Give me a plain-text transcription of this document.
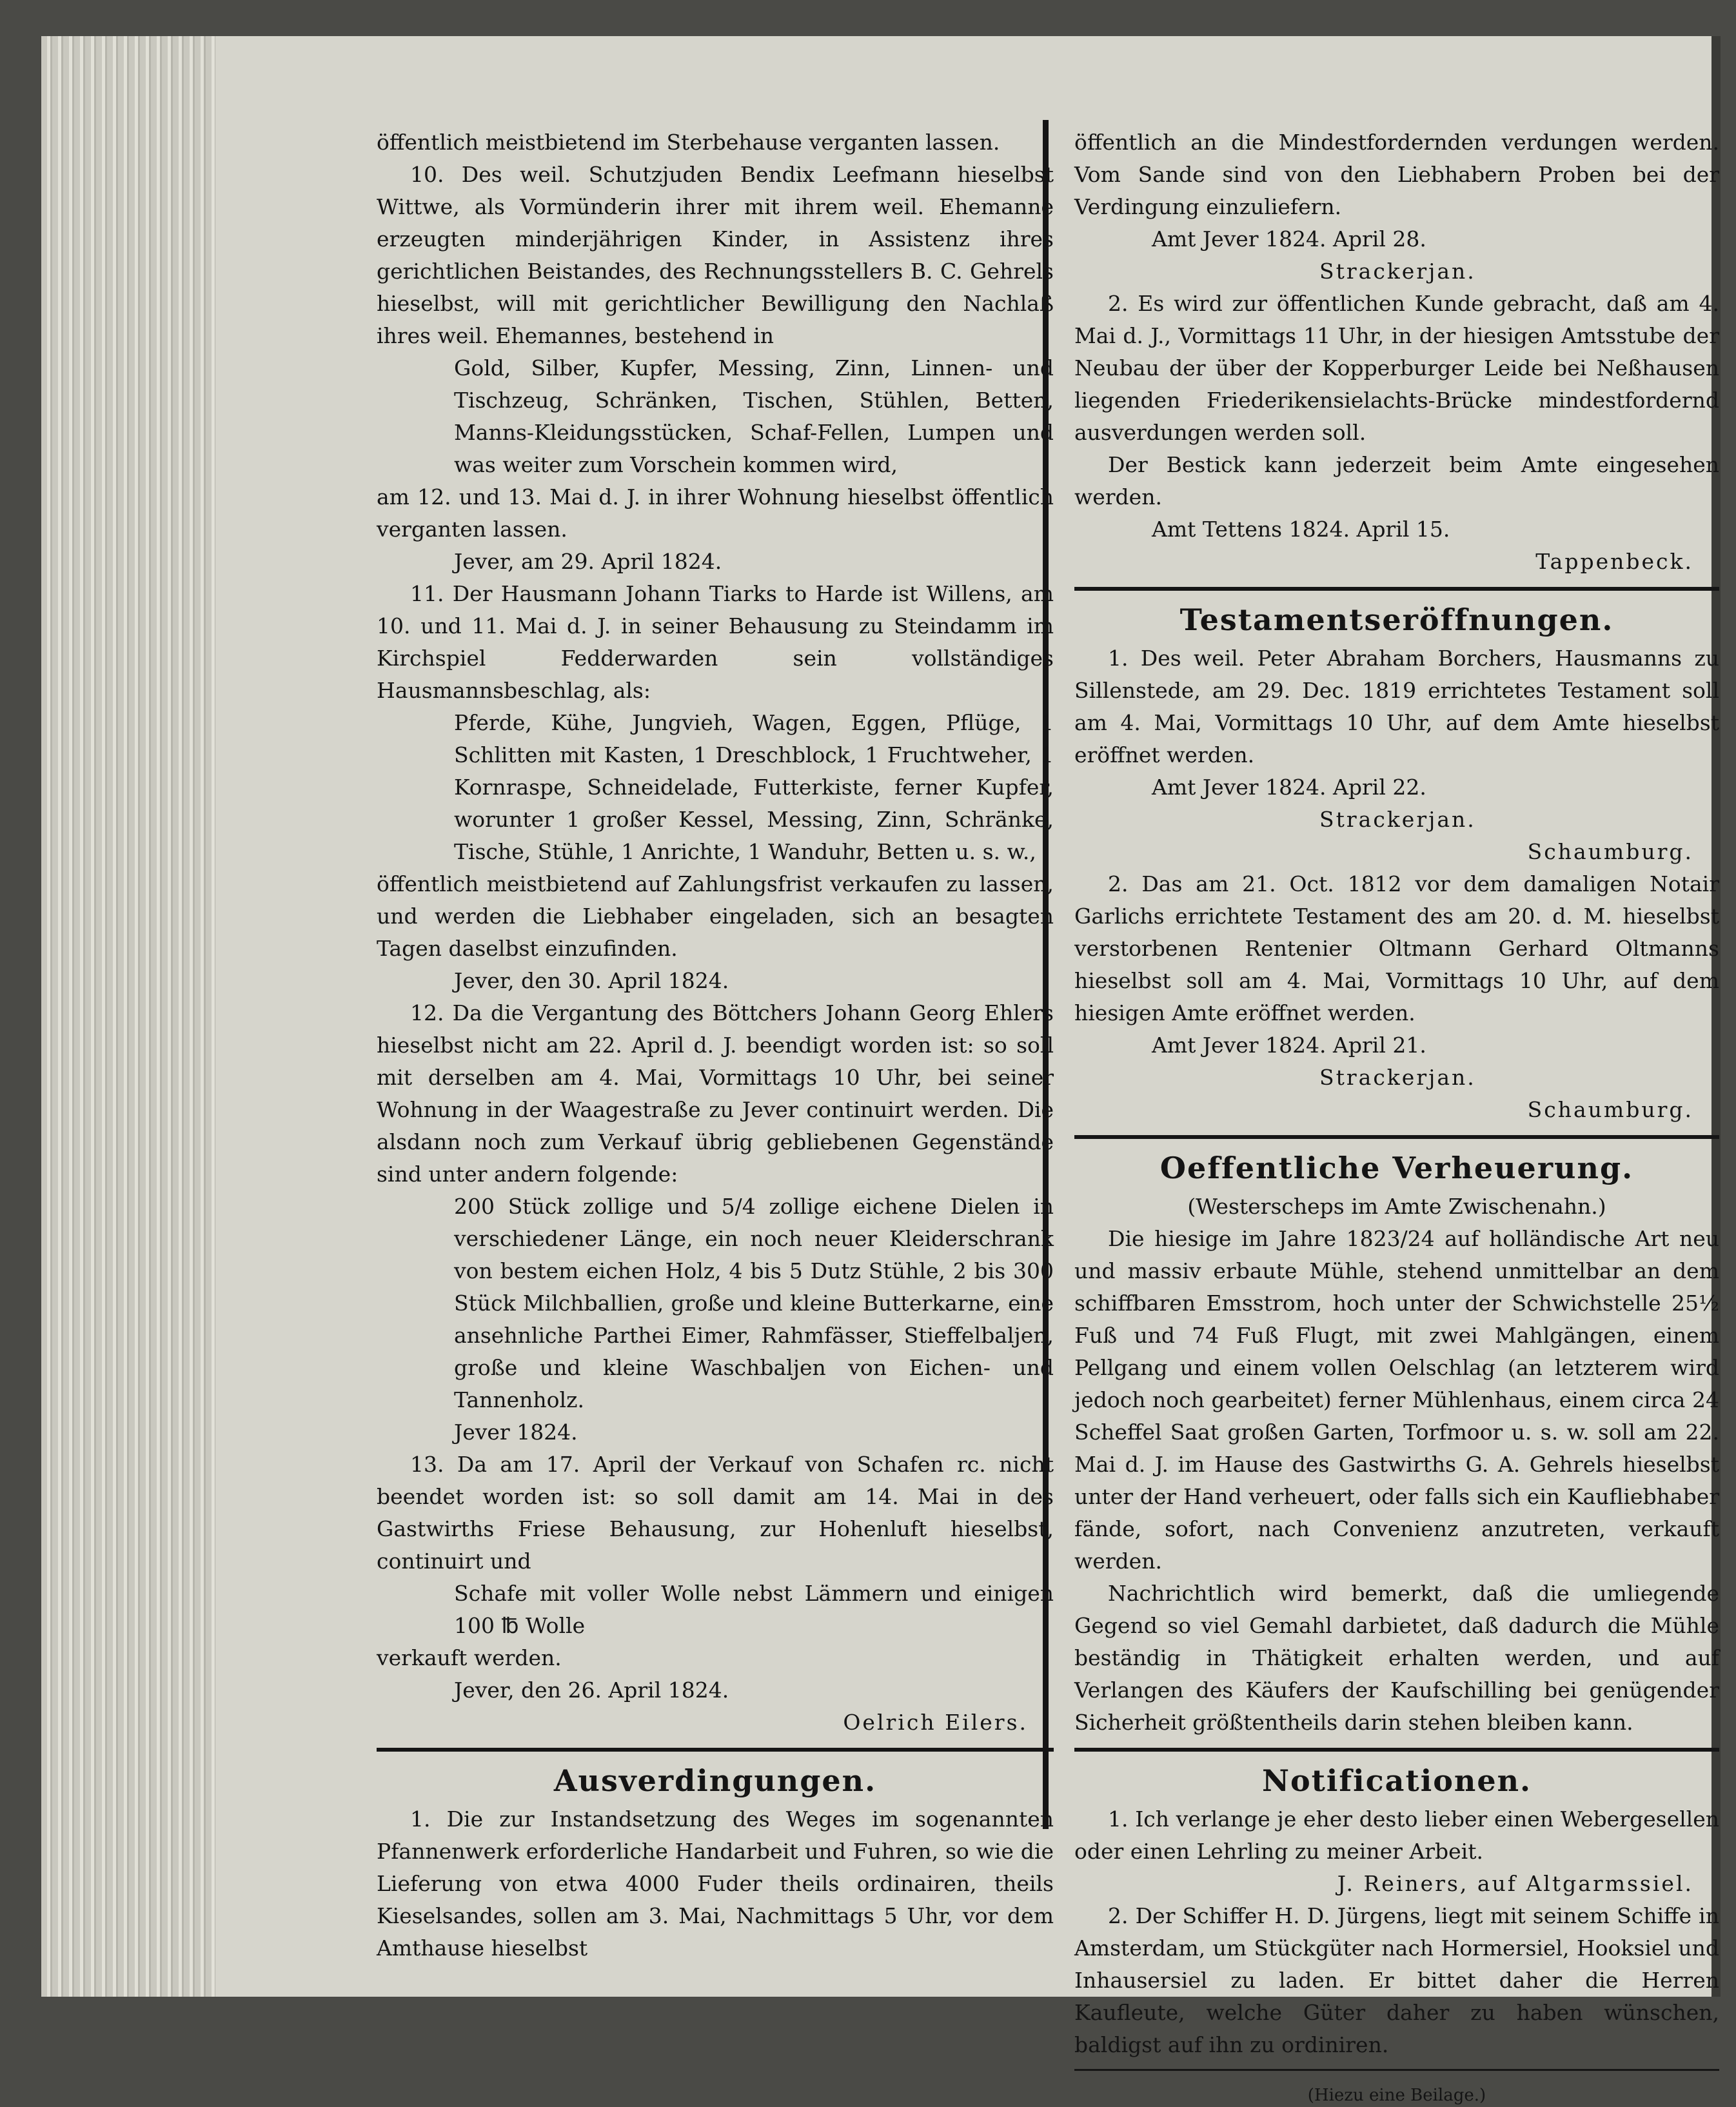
öffentlich meistbietend im Sterbehause verganten lassen.

10. Des weil. Schutzjuden Bendix Leefmann hieselbst Wittwe, als Vormünderin ihrer mit ihrem weil. Ehemanne erzeugten minderjährigen Kinder, in Assistenz ihres gerichtlichen Beistandes, des Rechnungsstellers B. C. Gehrels hieselbst, will mit gerichtlicher Bewilligung den Nachlaß ihres weil. Ehemannes, bestehend in

Gold, Silber, Kupfer, Messing, Zinn, Linnen- und Tischzeug, Schränken, Tischen, Stühlen, Betten, Manns-Kleidungsstücken, Schaf-Fellen, Lumpen und was weiter zum Vorschein kommen wird,

am 12. und 13. Mai d. J. in ihrer Wohnung hieselbst öffentlich verganten lassen.

Jever, am 29. April 1824.

11. Der Hausmann Johann Tiarks to Harde ist Willens, am 10. und 11. Mai d. J. in seiner Behausung zu Steindamm im Kirchspiel Fedderwarden sein vollständiges Hausmannsbeschlag, als:

Pferde, Kühe, Jungvieh, Wagen, Eggen, Pflüge, 1 Schlitten mit Kasten, 1 Dreschblock, 1 Fruchtweher, 1 Kornraspe, Schneidelade, Futterkiste, ferner Kupfer, worunter 1 großer Kessel, Messing, Zinn, Schränke, Tische, Stühle, 1 Anrichte, 1 Wanduhr, Betten u. s. w.,

öffentlich meistbietend auf Zahlungsfrist verkaufen zu lassen, und werden die Liebhaber eingeladen, sich an besagten Tagen daselbst einzufinden.

Jever, den 30. April 1824.

12. Da die Vergantung des Böttchers Johann Georg Ehlers hieselbst nicht am 22. April d. J. beendigt worden ist: so soll mit derselben am 4. Mai, Vormittags 10 Uhr, bei seiner Wohnung in der Waagestraße zu Jever continuirt werden. Die alsdann noch zum Verkauf übrig gebliebenen Gegenstände sind unter andern folgende:

200 Stück zollige und 5/4 zollige eichene Dielen in verschiedener Länge, ein noch neuer Kleiderschrank von bestem eichen Holz, 4 bis 5 Dutz Stühle, 2 bis 300 Stück Milchballien, große und kleine Butterkarne, eine ansehnliche Parthei Eimer, Rahmfässer, Stieffelbaljen, große und kleine Waschbaljen von Eichen- und Tannenholz.

Jever 1824.

13. Da am 17. April der Verkauf von Schafen rc. nicht beendet worden ist: so soll damit am 14. Mai in des Gastwirths Friese Behausung, zur Hohenluft hieselbst, continuirt und

Schafe mit voller Wolle nebst Lämmern und einigen 100 ℔ Wolle

verkauft werden.

Jever, den 26. April 1824.

Oelrich Eilers.

Ausverdingungen.

1. Die zur Instandsetzung des Weges im sogenannten Pfannenwerk erforderliche Handarbeit und Fuhren, so wie die Lieferung von etwa 4000 Fuder theils ordinairen, theils Kieselsandes, sollen am 3. Mai, Nachmittags 5 Uhr, vor dem Amthause hieselbst

öffentlich an die Mindestfordernden verdungen werden. Vom Sande sind von den Liebhabern Proben bei der Verdingung einzuliefern.

Amt Jever 1824. April 28.

Strackerjan.

2. Es wird zur öffentlichen Kunde gebracht, daß am 4. Mai d. J., Vormittags 11 Uhr, in der hiesigen Amtsstube der Neubau der über der Kopperburger Leide bei Neßhausen liegenden Friederikensielachts-Brücke mindestfordernd ausverdungen werden soll.

Der Bestick kann jederzeit beim Amte eingesehen werden.

Amt Tettens 1824. April 15.

Tappenbeck.

Testamentseröffnungen.

1. Des weil. Peter Abraham Borchers, Hausmanns zu Sillenstede, am 29. Dec. 1819 errichtetes Testament soll am 4. Mai, Vormittags 10 Uhr, auf dem Amte hieselbst eröffnet werden.

Amt Jever 1824. April 22.

Strackerjan.

Schaumburg.

2. Das am 21. Oct. 1812 vor dem damaligen Notair Garlichs errichtete Testament des am 20. d. M. hieselbst verstorbenen Rentenier Oltmann Gerhard Oltmanns hieselbst soll am 4. Mai, Vormittags 10 Uhr, auf dem hiesigen Amte eröffnet werden.

Amt Jever 1824. April 21.

Strackerjan.

Schaumburg.

Oeffentliche Verheuerung.

(Westerscheps im Amte Zwischenahn.)

Die hiesige im Jahre 1823/24 auf holländische Art neu und massiv erbaute Mühle, stehend unmittelbar an dem schiffbaren Emsstrom, hoch unter der Schwichstelle 25½ Fuß und 74 Fuß Flugt, mit zwei Mahlgängen, einem Pellgang und einem vollen Oelschlag (an letzterem wird jedoch noch gearbeitet) ferner Mühlenhaus, einem circa 24 Scheffel Saat großen Garten, Torfmoor u. s. w. soll am 22. Mai d. J. im Hause des Gastwirths G. A. Gehrels hieselbst unter der Hand verheuert, oder falls sich ein Kaufliebhaber fände, sofort, nach Convenienz anzutreten, verkauft werden.

Nachrichtlich wird bemerkt, daß die umliegende Gegend so viel Gemahl darbietet, daß dadurch die Mühle beständig in Thätigkeit erhalten werden, und auf Verlangen des Käufers der Kaufschilling bei genügender Sicherheit größtentheils darin stehen bleiben kann.

Notificationen.

1. Ich verlange je eher desto lieber einen Webergesellen oder einen Lehrling zu meiner Arbeit.

J. Reiners, auf Altgarmssiel.

2. Der Schiffer H. D. Jürgens, liegt mit seinem Schiffe in Amsterdam, um Stückgüter nach Hormersiel, Hooksiel und Inhausersiel zu laden. Er bittet daher die Herren Kaufleute, welche Güter daher zu haben wünschen, baldigst auf ihn zu ordiniren.

(Hiezu eine Beilage.)
